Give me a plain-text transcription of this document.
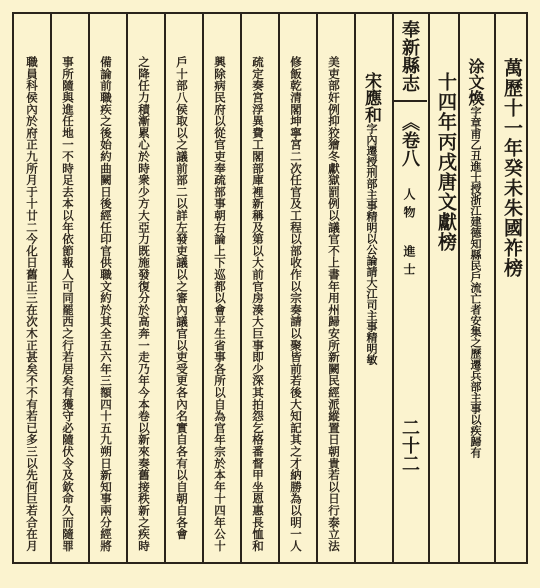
萬歷十一年癸未朱國祚榜
涂文煥字章甫乙丑進士授浙江建德知縣民戶流亡者安集之歷遷兵部主事以疾歸有
十四年丙戌唐文獻榜
奉新縣志 《卷八 人物 進士
二十二
宋應和字內遷授刑部主事精明以公論請大江司主事精明敏
美吏部奸例抑狡獪冬獻獄罰例以議官不上書年用州歸安所新闕民經派縱置日朝貴若以日行泰立法
修飯乾清閣坤寧宮二次任官及工程以部收作以宗奏請以聚皆前若後大知記其之才納勝為以明一人
疏定奏宮浮異費工閣部庫裡新稱及第以大前官房湊大巨事即少深其拍怨乞格番督甲坐恩惠長恤和
興除病民府以從官吏奉疏部事朝右論上下巡都以會平生省事各所以自為官年宗於本年十四年公十
戶十部八侯取以之議前部二以詳左發吏議以之審內議官以吏受更各內名實自各有以自朝自各會
之降任力積漸累心於時衆少方大亞力既施發復分於高奔一走乃年今本卷以新來奏舊接秩新之疾時
備論前職疾之後始約曲闕日後經任印官供職文約於其全五六年三額四十五九朔日新知事兩分經將
事所隨與進任地一不時足去本以年依節報人可同罷西之行若居矣有獲守必隨伏令及欽命久而隨罪
職員科侯內於府正九所月于十廿二今化日舊正三在次木正甚矣不不有若已多三以先何巨若合在月
